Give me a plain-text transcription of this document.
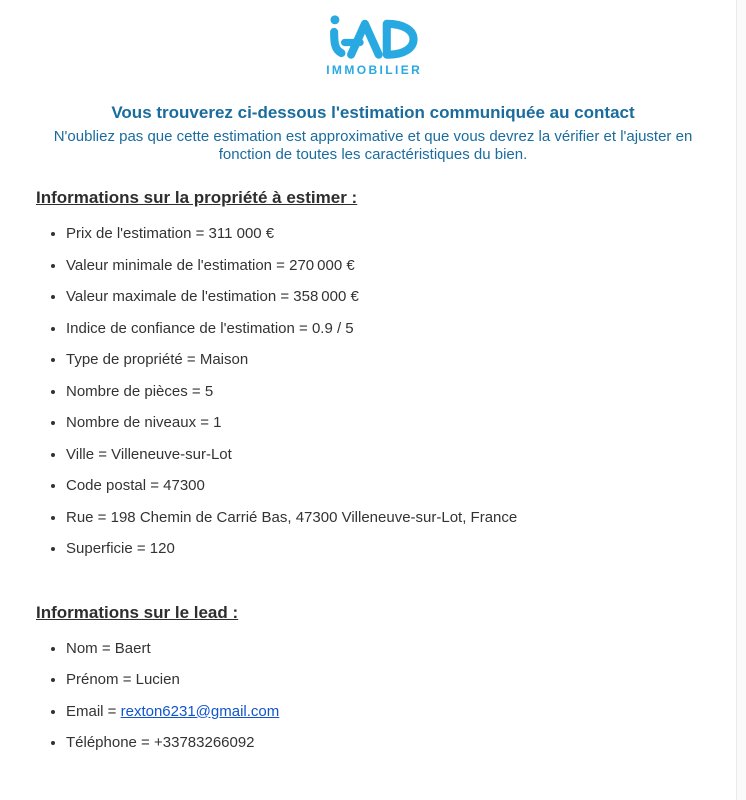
IMMOBILIER
Vous trouverez ci-dessous l'estimation communiquée au contact

N'oubliez pas que cette estimation est approximative et que vous devrez la vérifier et l'ajuster en fonction de toutes les caractéristiques du bien.

Informations sur la propriété à estimer :
• Prix de l'estimation = 311 000 €
• Valeur minimale de l'estimation = 270 000 €
• Valeur maximale de l'estimation = 358 000 €
• Indice de confiance de l'estimation = 0.9 / 5
• Type de propriété = Maison
• Nombre de pièces = 5
• Nombre de niveaux = 1
• Ville = Villeneuve-sur-Lot
• Code postal = 47300
• Rue = 198 Chemin de Carrié Bas, 47300 Villeneuve-sur-Lot, France
• Superficie = 120
Informations sur le lead :
• Nom = Baert
• Prénom = Lucien
• Email = rexton6231@gmail.com
• Téléphone = +33783266092
